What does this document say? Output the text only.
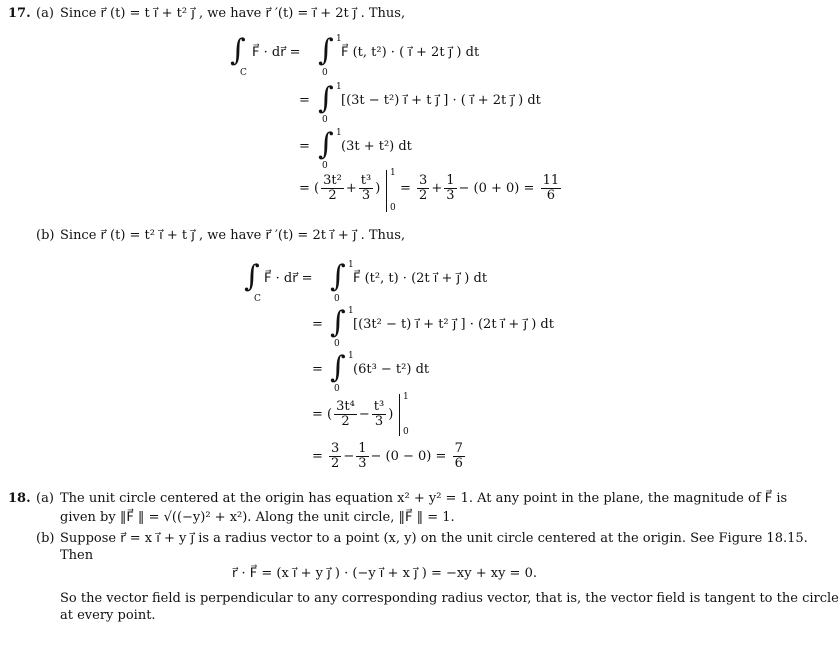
17. (a) Since r⃗ (t) = t i⃗ + t² j⃗ , we have r⃗ ′(t) = i⃗ + 2t j⃗ . Thus,
∫
C
F⃗ · dr⃗ = ∫ 1
0
F⃗ (t, t²) · ( i⃗ + 2t j⃗ ) dt
= ∫ 1
0
[(3t − t²) i⃗ + t j⃗ ] · ( i⃗ + 2t j⃗ ) dt
= ∫ 1
0
(3t + t²) dt
= ( $\frac{\text{3t²}}{2} + \frac{\text{t³}}{3}$ )
1
0
= $\frac{3}{2} + \frac{1}{3} - (0 + 0) = \frac{11}{6}$
(b) Since r⃗ (t) = t² i⃗ + t j⃗ , we have r⃗ ′(t) = 2t i⃗ + j⃗ . Thus,
∫
C
F⃗ · dr⃗ = ∫ 1
0
F⃗ (t², t) · (2t i⃗ + j⃗ ) dt
= ∫ 1
0
[(3t² − t) i⃗ + t² j⃗ ] · (2t i⃗ + j⃗ ) dt
= ∫ 1
0
(6t³ − t²) dt
= ( $\frac{\text{3t⁴}}{2} - \frac{\text{t³}}{3}$ )
1
0
= $\frac{3}{2} - \frac{1}{3} - (0 - 0) = \frac{7}{6}$
18. (a) The unit circle centered at the origin has equation x² + y² = 1. At any point in the plane, the magnitude of F⃗ is
given by ‖F⃗ ‖ = √((−y)² + x²). Along the unit circle, ‖F⃗ ‖ = 1.
(b) Suppose r⃗ = x i⃗ + y j⃗ is a radius vector to a point (x, y) on the unit circle centered at the origin. See Figure 18.15.
Then
r⃗ · F⃗ = (x i⃗ + y j⃗ ) · (−y i⃗ + x j⃗ ) = −xy + xy = 0.
So the vector field is perpendicular to any corresponding radius vector, that is, the vector field is tangent to the circle
at every point.
